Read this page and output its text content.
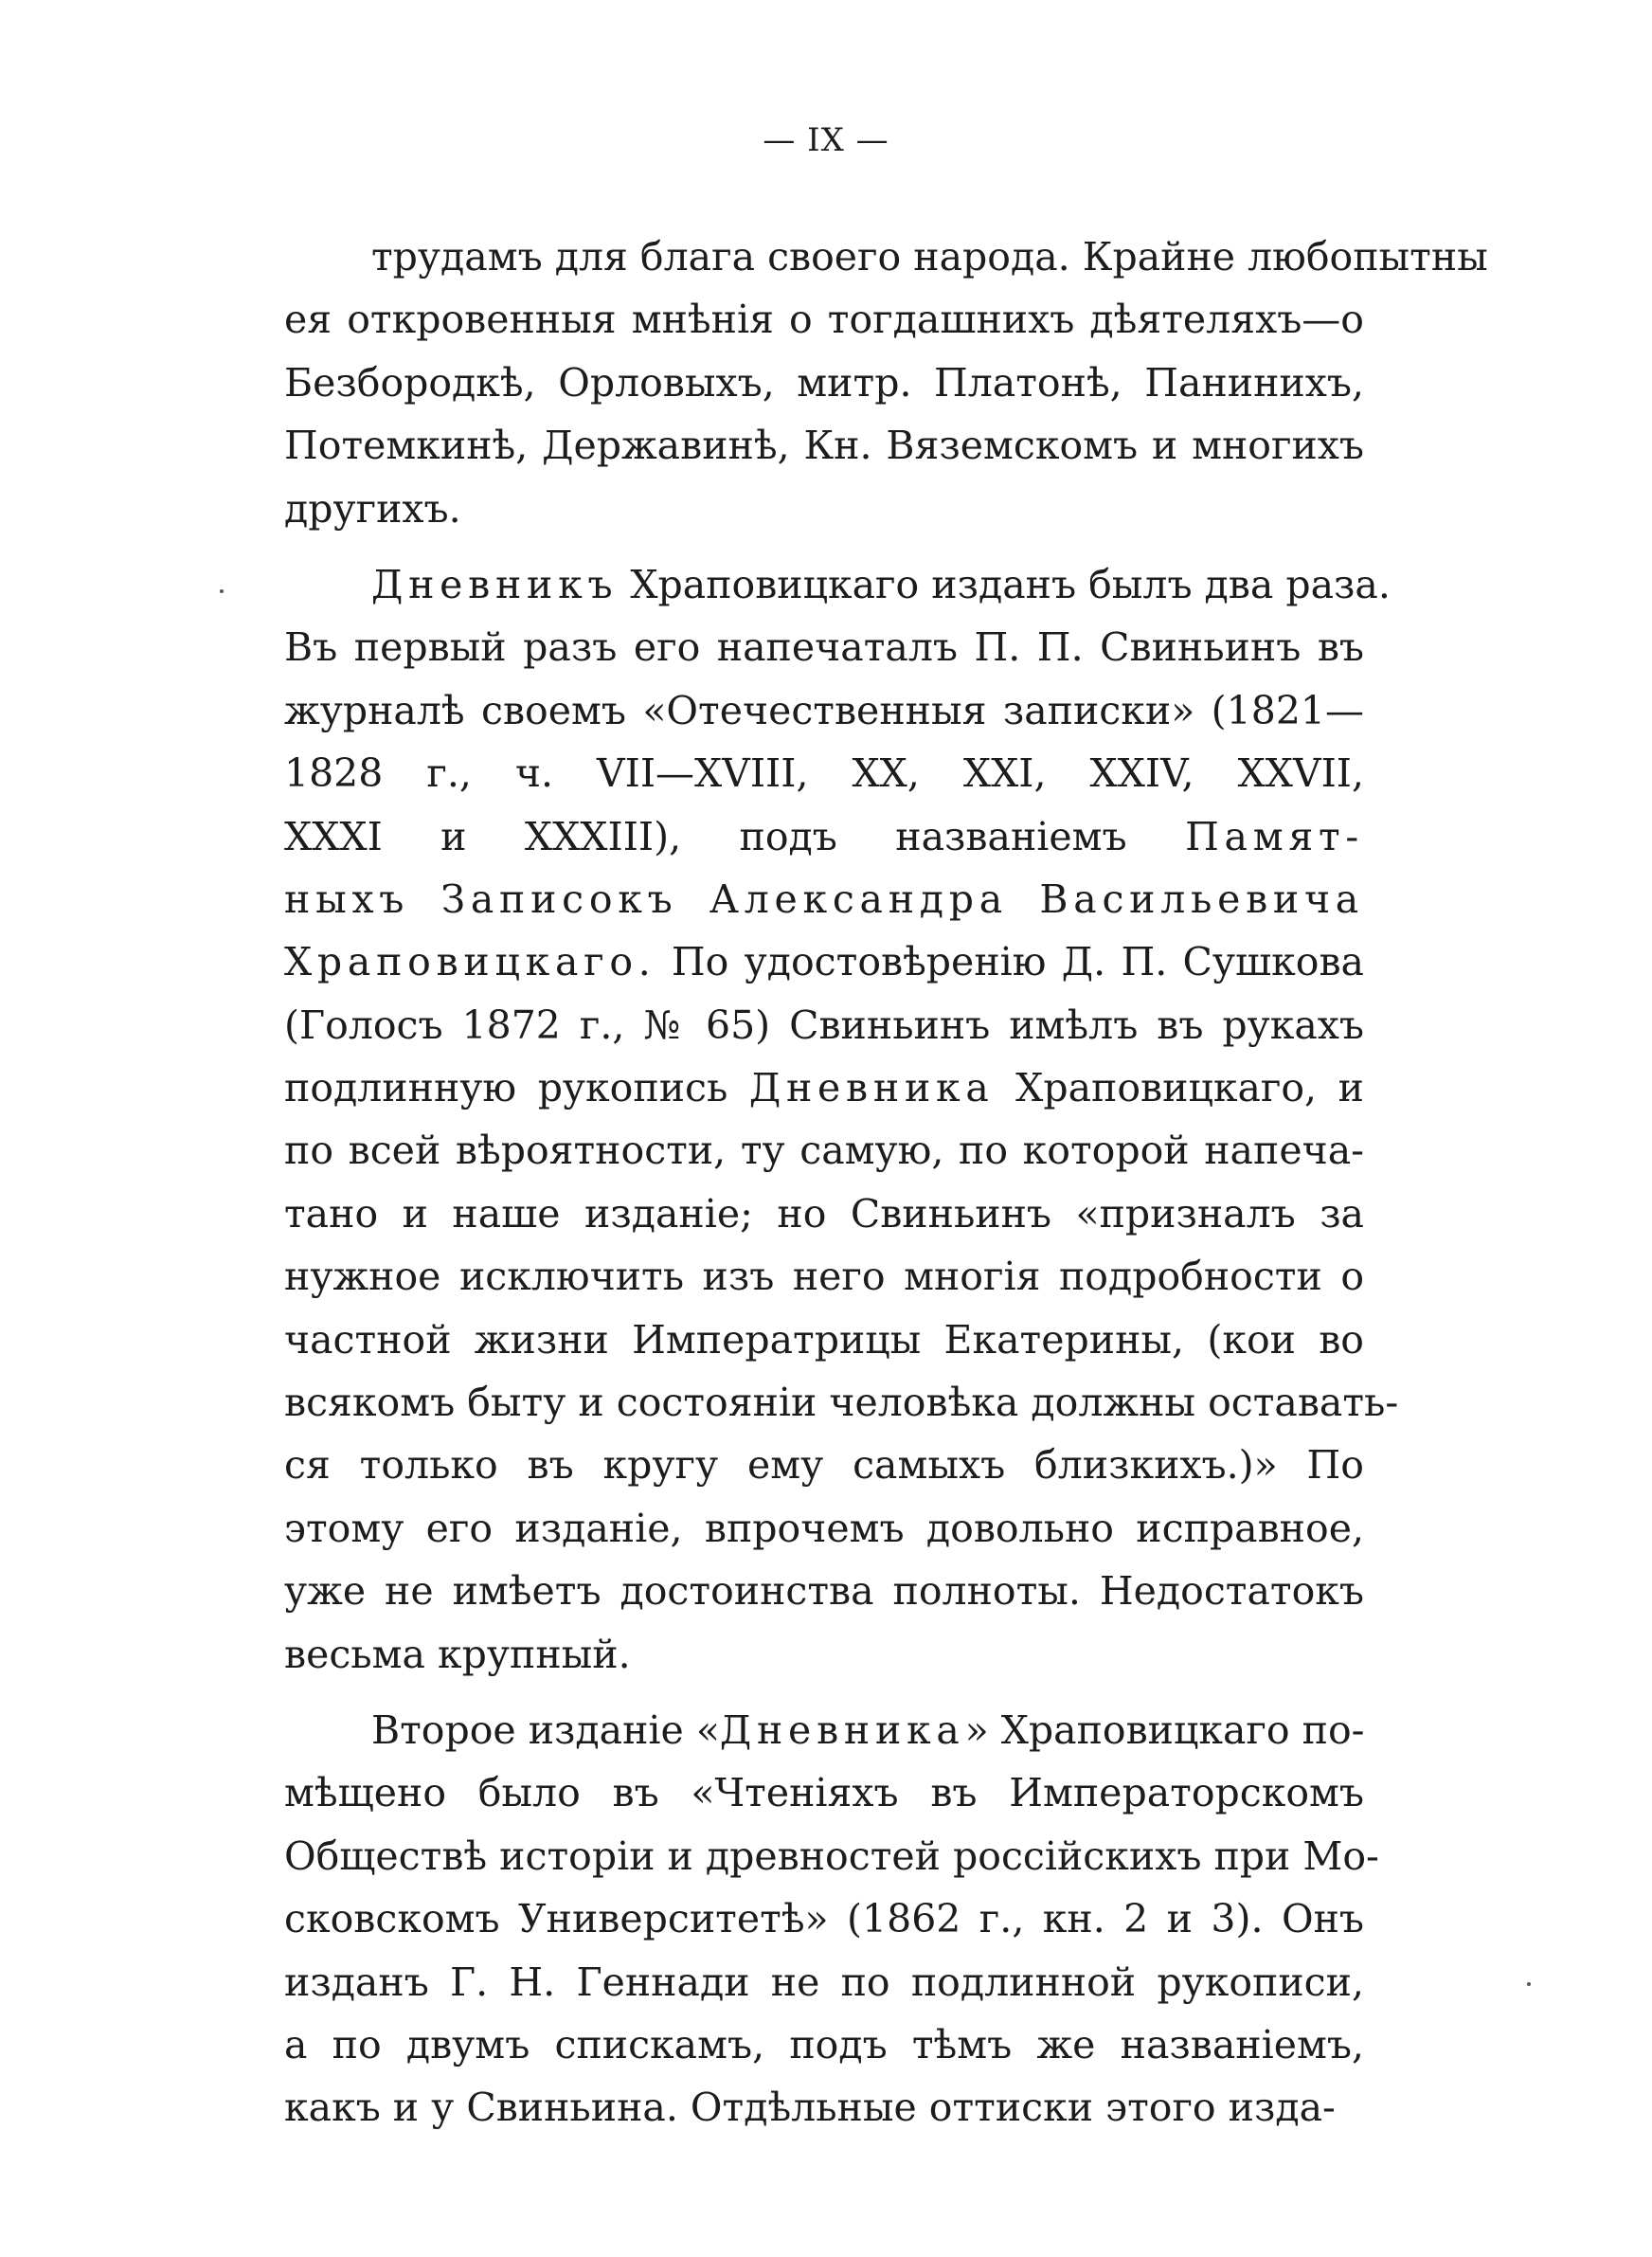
— IX —
трудамъ для блага своего народа. Крайне любопытны
ея откровенныя мнѣнія о тогдашнихъ дѣятеляхъ—о
Безбородкѣ, Орловыхъ, митр. Платонѣ, Панинихъ,
Потемкинѣ, Державинѣ, Кн. Вяземскомъ и многихъ
другихъ.
Дневникъ Храповицкаго изданъ былъ два раза.
Въ первый разъ его напечаталъ П. П. Свиньинъ въ
журналѣ своемъ «Отечественныя записки» (1821—
1828 г., ч. VII—XVIII, XX, XXI, XXIV, XXVII,
XXXI и XXXIII), подъ названіемъ Памят-
ныхъ Записокъ Александра Васильевича
Храповицкаго. По удостовѣренію Д. П. Сушкова
(Голосъ 1872 г., № 65) Свиньинъ имѣлъ въ рукахъ
подлинную рукопись Дневника Храповицкаго, и
по всей вѣроятности, ту самую, по которой напеча-
тано и наше изданіе; но Свиньинъ «призналъ за
нужное исключить изъ него многія подробности о
частной жизни Императрицы Екатерины, (кои во
всякомъ быту и состояніи человѣка должны оставать-
ся только въ кругу ему самыхъ близкихъ.)» По
этому его изданіе, впрочемъ довольно исправное,
уже не имѣетъ достоинства полноты. Недостатокъ
весьма крупный.
Второе изданіе «Дневника» Храповицкаго по-
мѣщено было въ «Чтеніяхъ въ Императорскомъ
Обществѣ исторіи и древностей россійскихъ при Мо-
сковскомъ Университетѣ» (1862 г., кн. 2 и 3). Онъ
изданъ Г. Н. Геннади не по подлинной рукописи,
а по двумъ спискамъ, подъ тѣмъ же названіемъ,
какъ и у Свиньина. Отдѣльные оттиски этого изда-
